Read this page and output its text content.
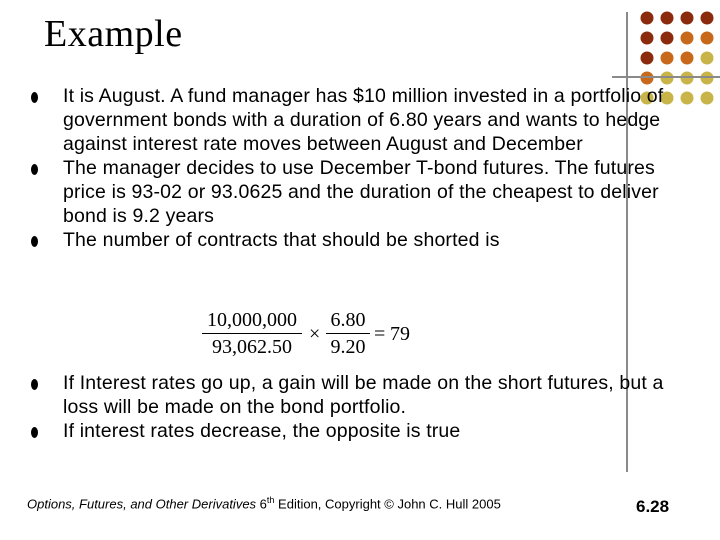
Example
It is August. A fund manager has $10 million invested in a portfolio of government bonds with a duration of 6.80 years and wants to hedge against interest rate moves between August and December
The manager decides to use December T-bond futures. The futures price is 93-02 or 93.0625 and the duration of the cheapest to deliver bond is 9.2 years
The number of contracts that should be shorted is
10,000,000
93,062.50
×
6.80
9.20
= 79
If Interest rates go up, a gain will be made on the short futures, but a loss will be made on the bond portfolio.
If interest rates decrease, the opposite is true
Options, Futures, and Other Derivatives 6th Edition, Copyright © John C. Hull 2005	6.28
